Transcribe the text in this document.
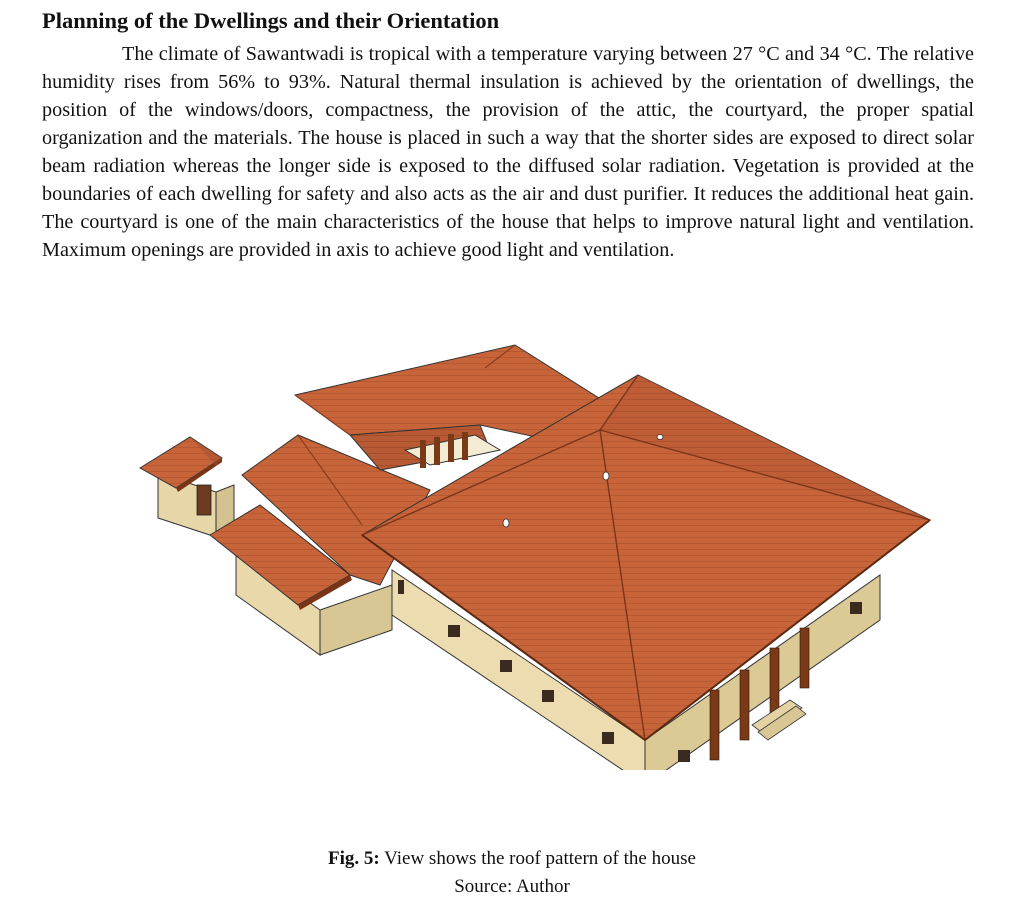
Planning of the Dwellings and their Orientation

The climate of Sawantwadi is tropical with a temperature varying between 27 °C and 34 °C. The relative humidity rises from 56% to 93%. Natural thermal insulation is achieved by the orientation of dwellings, the position of the windows/doors, compactness, the provision of the attic, the courtyard, the proper spatial organization and the materials. The house is placed in such a way that the shorter sides are exposed to direct solar beam radiation whereas the longer side is exposed to the diffused solar radiation. Vegetation is provided at the boundaries of each dwelling for safety and also acts as the air and dust purifier. It reduces the additional heat gain. The courtyard is one of the main characteristics of the house that helps to improve natural light and ventilation. Maximum openings are provided in axis to achieve good light and ventilation.

Fig. 5: View shows the roof pattern of the house
Source: Author
